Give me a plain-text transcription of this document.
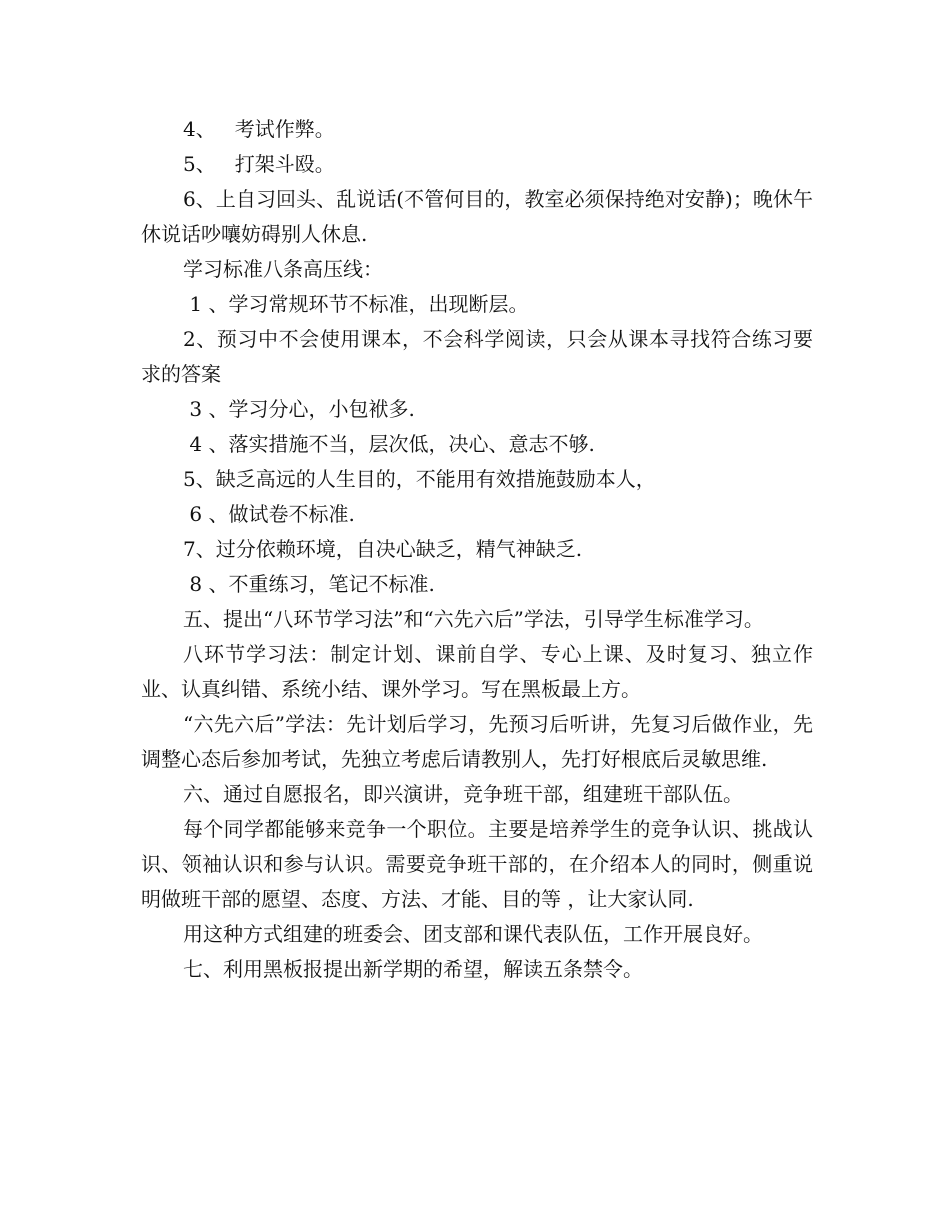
4、   考试作弊。

5、   打架斗殴。

6、上自习回头、乱说话(不管何目的，教室必须保持绝对安静)；晚休午休说话吵嚷妨碍别人休息.

学习标准八条高压线：

1 、学习常规环节不标准，出现断层。

2、预习中不会使用课本，不会科学阅读，只会从课本寻找符合练习要求的答案

3 、学习分心，小包袱多.

4 、落实措施不当，层次低，决心、意志不够.

5、缺乏高远的人生目的，不能用有效措施鼓励本人，

6 、做试卷不标准.

7、过分依赖环境，自决心缺乏，精气神缺乏.

8 、不重练习，笔记不标准.

五、提出“八环节学习法”和“六先六后”学法，引导学生标准学习。

八环节学习法：制定计划、课前自学、专心上课、及时复习、独立作业、认真纠错、系统小结、课外学习。写在黑板最上方。

“六先六后”学法：先计划后学习，先预习后听讲，先复习后做作业，先调整心态后参加考试，先独立考虑后请教别人，先打好根底后灵敏思维.

六、通过自愿报名，即兴演讲，竞争班干部，组建班干部队伍。

每个同学都能够来竞争一个职位。主要是培养学生的竞争认识、挑战认识、领袖认识和参与认识。需要竞争班干部的，在介绍本人的同时，侧重说明做班干部的愿望、态度、方法、才能、目的等 ，让大家认同.

用这种方式组建的班委会、团支部和课代表队伍，工作开展良好。

七、利用黑板报提出新学期的希望，解读五条禁令。
